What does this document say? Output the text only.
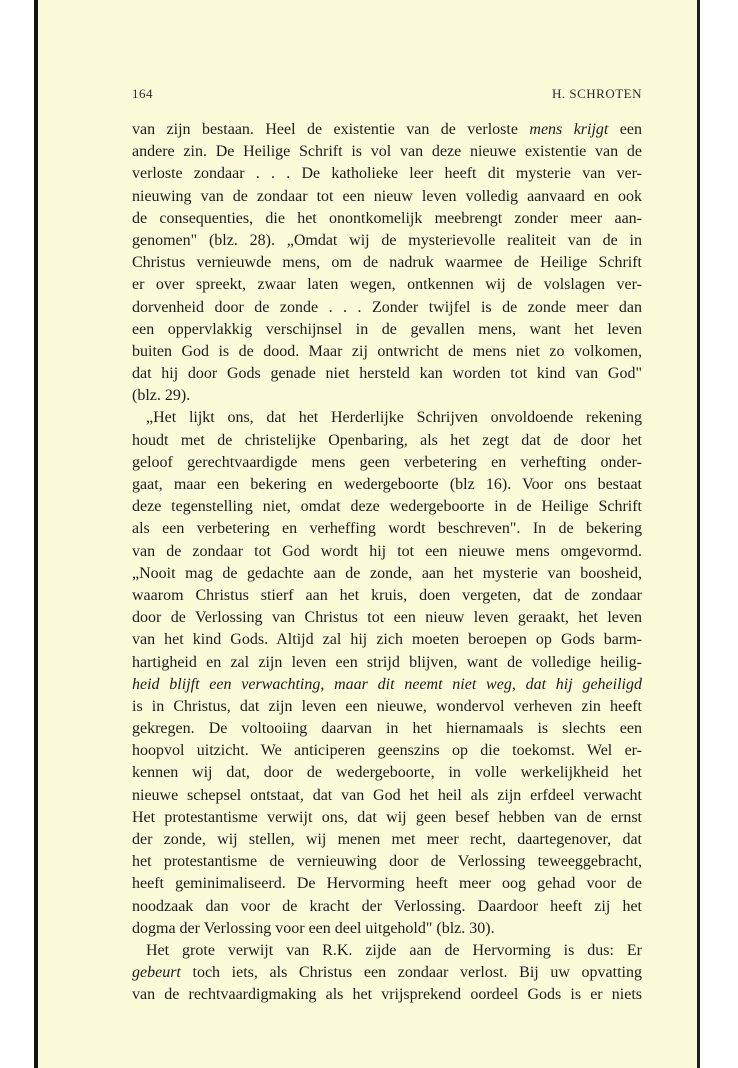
164	H. SCHROTEN
van zijn bestaan. Heel de existentie van de verloste mens krijgt een
andere zin. De Heilige Schrift is vol van deze nieuwe existentie van de
verloste zondaar . . . De katholieke leer heeft dit mysterie van ver-
nieuwing van de zondaar tot een nieuw leven volledig aanvaard en ook
de consequenties, die het onontkomelijk meebrengt zonder meer aan-
genomen" (blz. 28). „Omdat wij de mysterievolle realiteit van de in
Christus vernieuwde mens, om de nadruk waarmee de Heilige Schrift
er over spreekt, zwaar laten wegen, ontkennen wij de volslagen ver-
dorvenheid door de zonde . . . Zonder twijfel is de zonde meer dan
een oppervlakkig verschijnsel in de gevallen mens, want het leven
buiten God is de dood. Maar zij ontwricht de mens niet zo volkomen,
dat hij door Gods genade niet hersteld kan worden tot kind van God"
(blz. 29).
„Het lijkt ons, dat het Herderlijke Schrijven onvoldoende rekening
houdt met de christelijke Openbaring, als het zegt dat de door het
geloof gerechtvaardigde mens geen verbetering en verhefting onder-
gaat, maar een bekering en wedergeboorte (blz 16). Voor ons bestaat
deze tegenstelling niet, omdat deze wedergeboorte in de Heilige Schrift
als een verbetering en verheffing wordt beschreven". In de bekering
van de zondaar tot God wordt hij tot een nieuwe mens omgevormd.
„Nooit mag de gedachte aan de zonde, aan het mysterie van boosheid,
waarom Christus stierf aan het kruis, doen vergeten, dat de zondaar
door de Verlossing van Christus tot een nieuw leven geraakt, het leven
van het kind Gods. Altijd zal hij zich moeten beroepen op Gods barm-
hartigheid en zal zijn leven een strijd blijven, want de volledige heilig-
heid blijft een verwachting, maar dit neemt niet weg, dat hij geheiligd
is in Christus, dat zijn leven een nieuwe, wondervol verheven zin heeft
gekregen. De voltooiing daarvan in het hiernamaals is slechts een
hoopvol uitzicht. We anticiperen geenszins op die toekomst. Wel er-
kennen wij dat, door de wedergeboorte, in volle werkelijkheid het
nieuwe schepsel ontstaat, dat van God het heil als zijn erfdeel verwacht
Het protestantisme verwijt ons, dat wij geen besef hebben van de ernst
der zonde, wij stellen, wij menen met meer recht, daartegenover, dat
het protestantisme de vernieuwing door de Verlossing teweeggebracht,
heeft geminimaliseerd. De Hervorming heeft meer oog gehad voor de
noodzaak dan voor de kracht der Verlossing. Daardoor heeft zij het
dogma der Verlossing voor een deel uitgehold" (blz. 30).
Het grote verwijt van R.K. zijde aan de Hervorming is dus: Er
gebeurt toch iets, als Christus een zondaar verlost. Bij uw opvatting
van de rechtvaardigmaking als het vrijsprekend oordeel Gods is er niets
